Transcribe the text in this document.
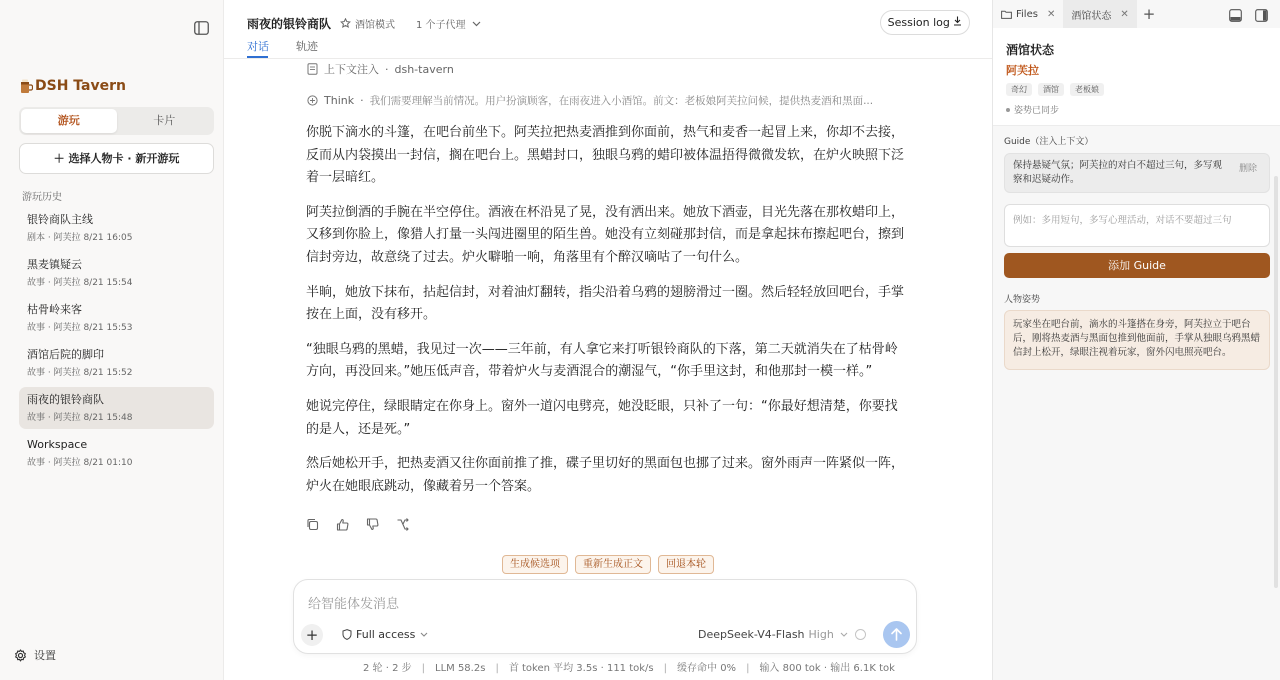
DSH Tavern
游玩	卡片
＋ 选择人物卡 · 新开游玩
游玩历史
银铃商队主线
剧本 · 阿芙拉 8/21 16:05
黑麦镇疑云
故事 · 阿芙拉 8/21 15:54
枯骨岭来客
故事 · 阿芙拉 8/21 15:53
酒馆后院的脚印
故事 · 阿芙拉 8/21 15:52
雨夜的银铃商队
故事 · 阿芙拉 8/21 15:48
Workspace
故事 · 阿芙拉 8/21 01:10
设置
雨夜的银铃商队 酒馆模式 1 个子代理
对话 轨迹
Session log
上下文注入 · dsh-tavern
Think · 我们需要理解当前情况。用户扮演顾客，在雨夜进入小酒馆。前文：老板娘阿芙拉问候，提供热麦酒和黑面...

你脱下滴水的斗篷，在吧台前坐下。阿芙拉把热麦酒推到你面前，热气和麦香一起冒上来，你却不去接，反而从内袋摸出一封信，搁在吧台上。黑蜡封口，独眼乌鸦的蜡印被体温捂得微微发软，在炉火映照下泛着一层暗红。

阿芙拉倒酒的手腕在半空停住。酒液在杯沿晃了晃，没有洒出来。她放下酒壶，目光先落在那枚蜡印上，又移到你脸上，像猎人打量一头闯进圈里的陌生兽。她没有立刻碰那封信，而是拿起抹布擦起吧台，擦到信封旁边，故意绕了过去。炉火噼啪一响，角落里有个醉汉嘀咕了一句什么。

半晌，她放下抹布，拈起信封，对着油灯翻转，指尖沿着乌鸦的翅膀滑过一圈。然后轻轻放回吧台，手掌按在上面，没有移开。

“独眼乌鸦的黑蜡，我见过一次——三年前，有人拿它来打听银铃商队的下落，第二天就消失在了枯骨岭方向，再没回来。”她压低声音，带着炉火与麦酒混合的潮湿气，“你手里这封，和他那封一模一样。”

她说完停住，绿眼睛定在你身上。窗外一道闪电劈亮，她没眨眼，只补了一句：“你最好想清楚，你要找的是人，还是死。”

然后她松开手，把热麦酒又往你面前推了推，碟子里切好的黑面包也挪了过来。窗外雨声一阵紧似一阵，炉火在她眼底跳动，像藏着另一个答案。

生成候选项	重新生成正文	回退本轮
给智能体发消息
+	Full access	DeepSeek-V4-Flash High
2 轮 · 2 步 | LLM 58.2s | 首 token 平均 3.5s · 111 tok/s | 缓存命中 0% | 输入 800 tok · 输出 6.1K tok
Files ✕ 酒馆状态 ✕ +
酒馆状态
阿芙拉
奇幻	酒馆	老板娘
姿势已同步
Guide（注入上下文）
保持悬疑气氛；阿芙拉的对白不超过三句，多写观察和迟疑动作。
删除
例如：多用短句，多写心理活动，对话不要超过三句
添加 Guide
人物姿势
玩家坐在吧台前，滴水的斗篷搭在身旁，阿芙拉立于吧台后，刚将热麦酒与黑面包推到他面前，手掌从独眼乌鸦黑蜡信封上松开，绿眼注视着玩家，窗外闪电照亮吧台。
